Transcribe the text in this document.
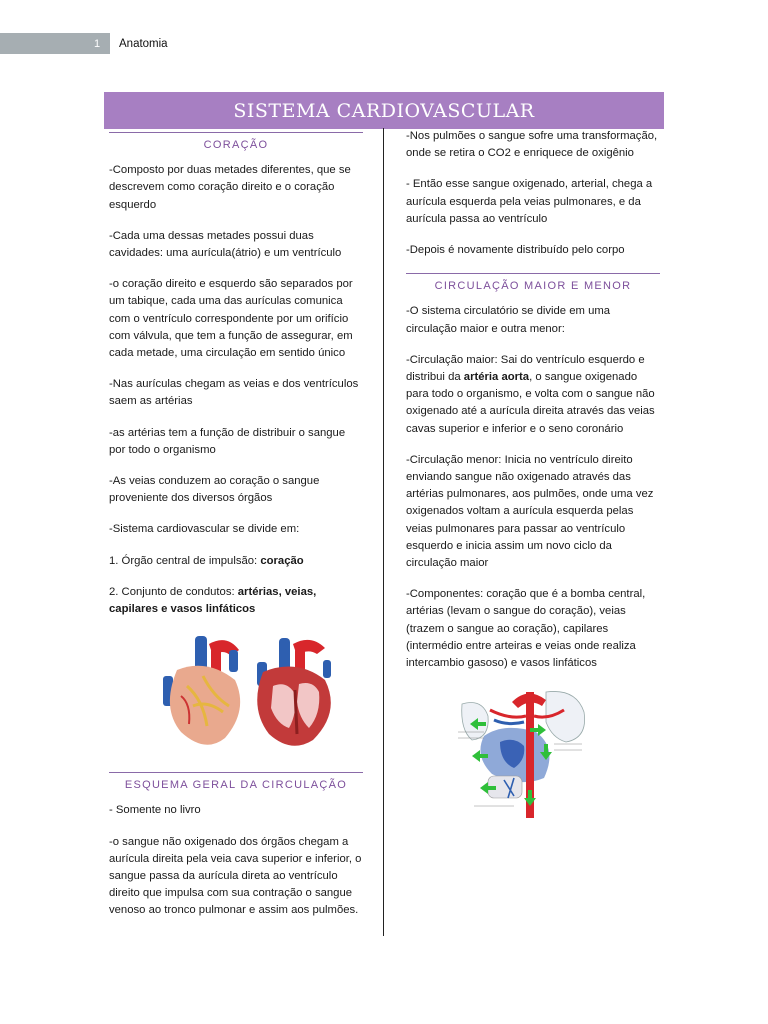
1 Anatomia
SISTEMA CARDIOVASCULAR
CORAÇÃO

-Composto por duas metades diferentes, que se descrevem como coração direito e o coração esquerdo

-Cada uma dessas metades possui duas cavidades: uma aurícula(átrio) e um ventrículo

-o coração direito e esquerdo são separados por um tabique, cada uma das aurículas comunica com o ventrículo correspondente por um orifício com válvula, que tem a função de assegurar, em cada metade, uma circulação em sentido único

-Nas aurículas chegam as veias e dos ventrículos saem as artérias

-as artérias tem a função de distribuir o sangue por todo o organismo

-As veias conduzem ao coração o sangue proveniente dos diversos órgãos

-Sistema cardiovascular se divide em:

1. Órgão central de impulsão: coração

2. Conjunto de condutos: artérias, veias, capilares e vasos linfáticos

ESQUEMA GERAL DA CIRCULAÇÃO

- Somente no livro

-o sangue não oxigenado dos órgãos chegam a aurícula direita pela veia cava superior e inferior, o sangue passa da aurícula direta ao ventrículo direito que impulsa com sua contração o sangue venoso ao tronco pulmonar e assim aos pulmões.

-Nos pulmões o sangue sofre uma transformação, onde se retira o CO2 e enriquece de oxigênio

- Então esse sangue oxigenado, arterial, chega a aurícula esquerda pela veias pulmonares, e da aurícula passa ao ventrículo

-Depois é novamente distribuído pelo corpo

CIRCULAÇÃO MAIOR E MENOR

-O sistema circulatório se divide em uma circulação maior e outra menor:

-Circulação maior: Sai do ventrículo esquerdo e distribui da artéria aorta, o sangue oxigenado para todo o organismo, e volta com o sangue não oxigenado até a aurícula direita através das veias cavas superior e inferior e o seno coronário

-Circulação menor: Inicia no ventrículo direito enviando sangue não oxigenado através das artérias pulmonares, aos pulmões, onde uma vez oxigenados voltam a aurícula esquerda pelas veias pulmonares para passar ao ventrículo esquerdo e inicia assim um novo ciclo da circulação maior

-Componentes: coração que é a bomba central, artérias (levam o sangue do coração), veias (trazem o sangue ao coração), capilares (intermédio entre arteiras e veias onde realiza intercambio gasoso) e vasos linfáticos
